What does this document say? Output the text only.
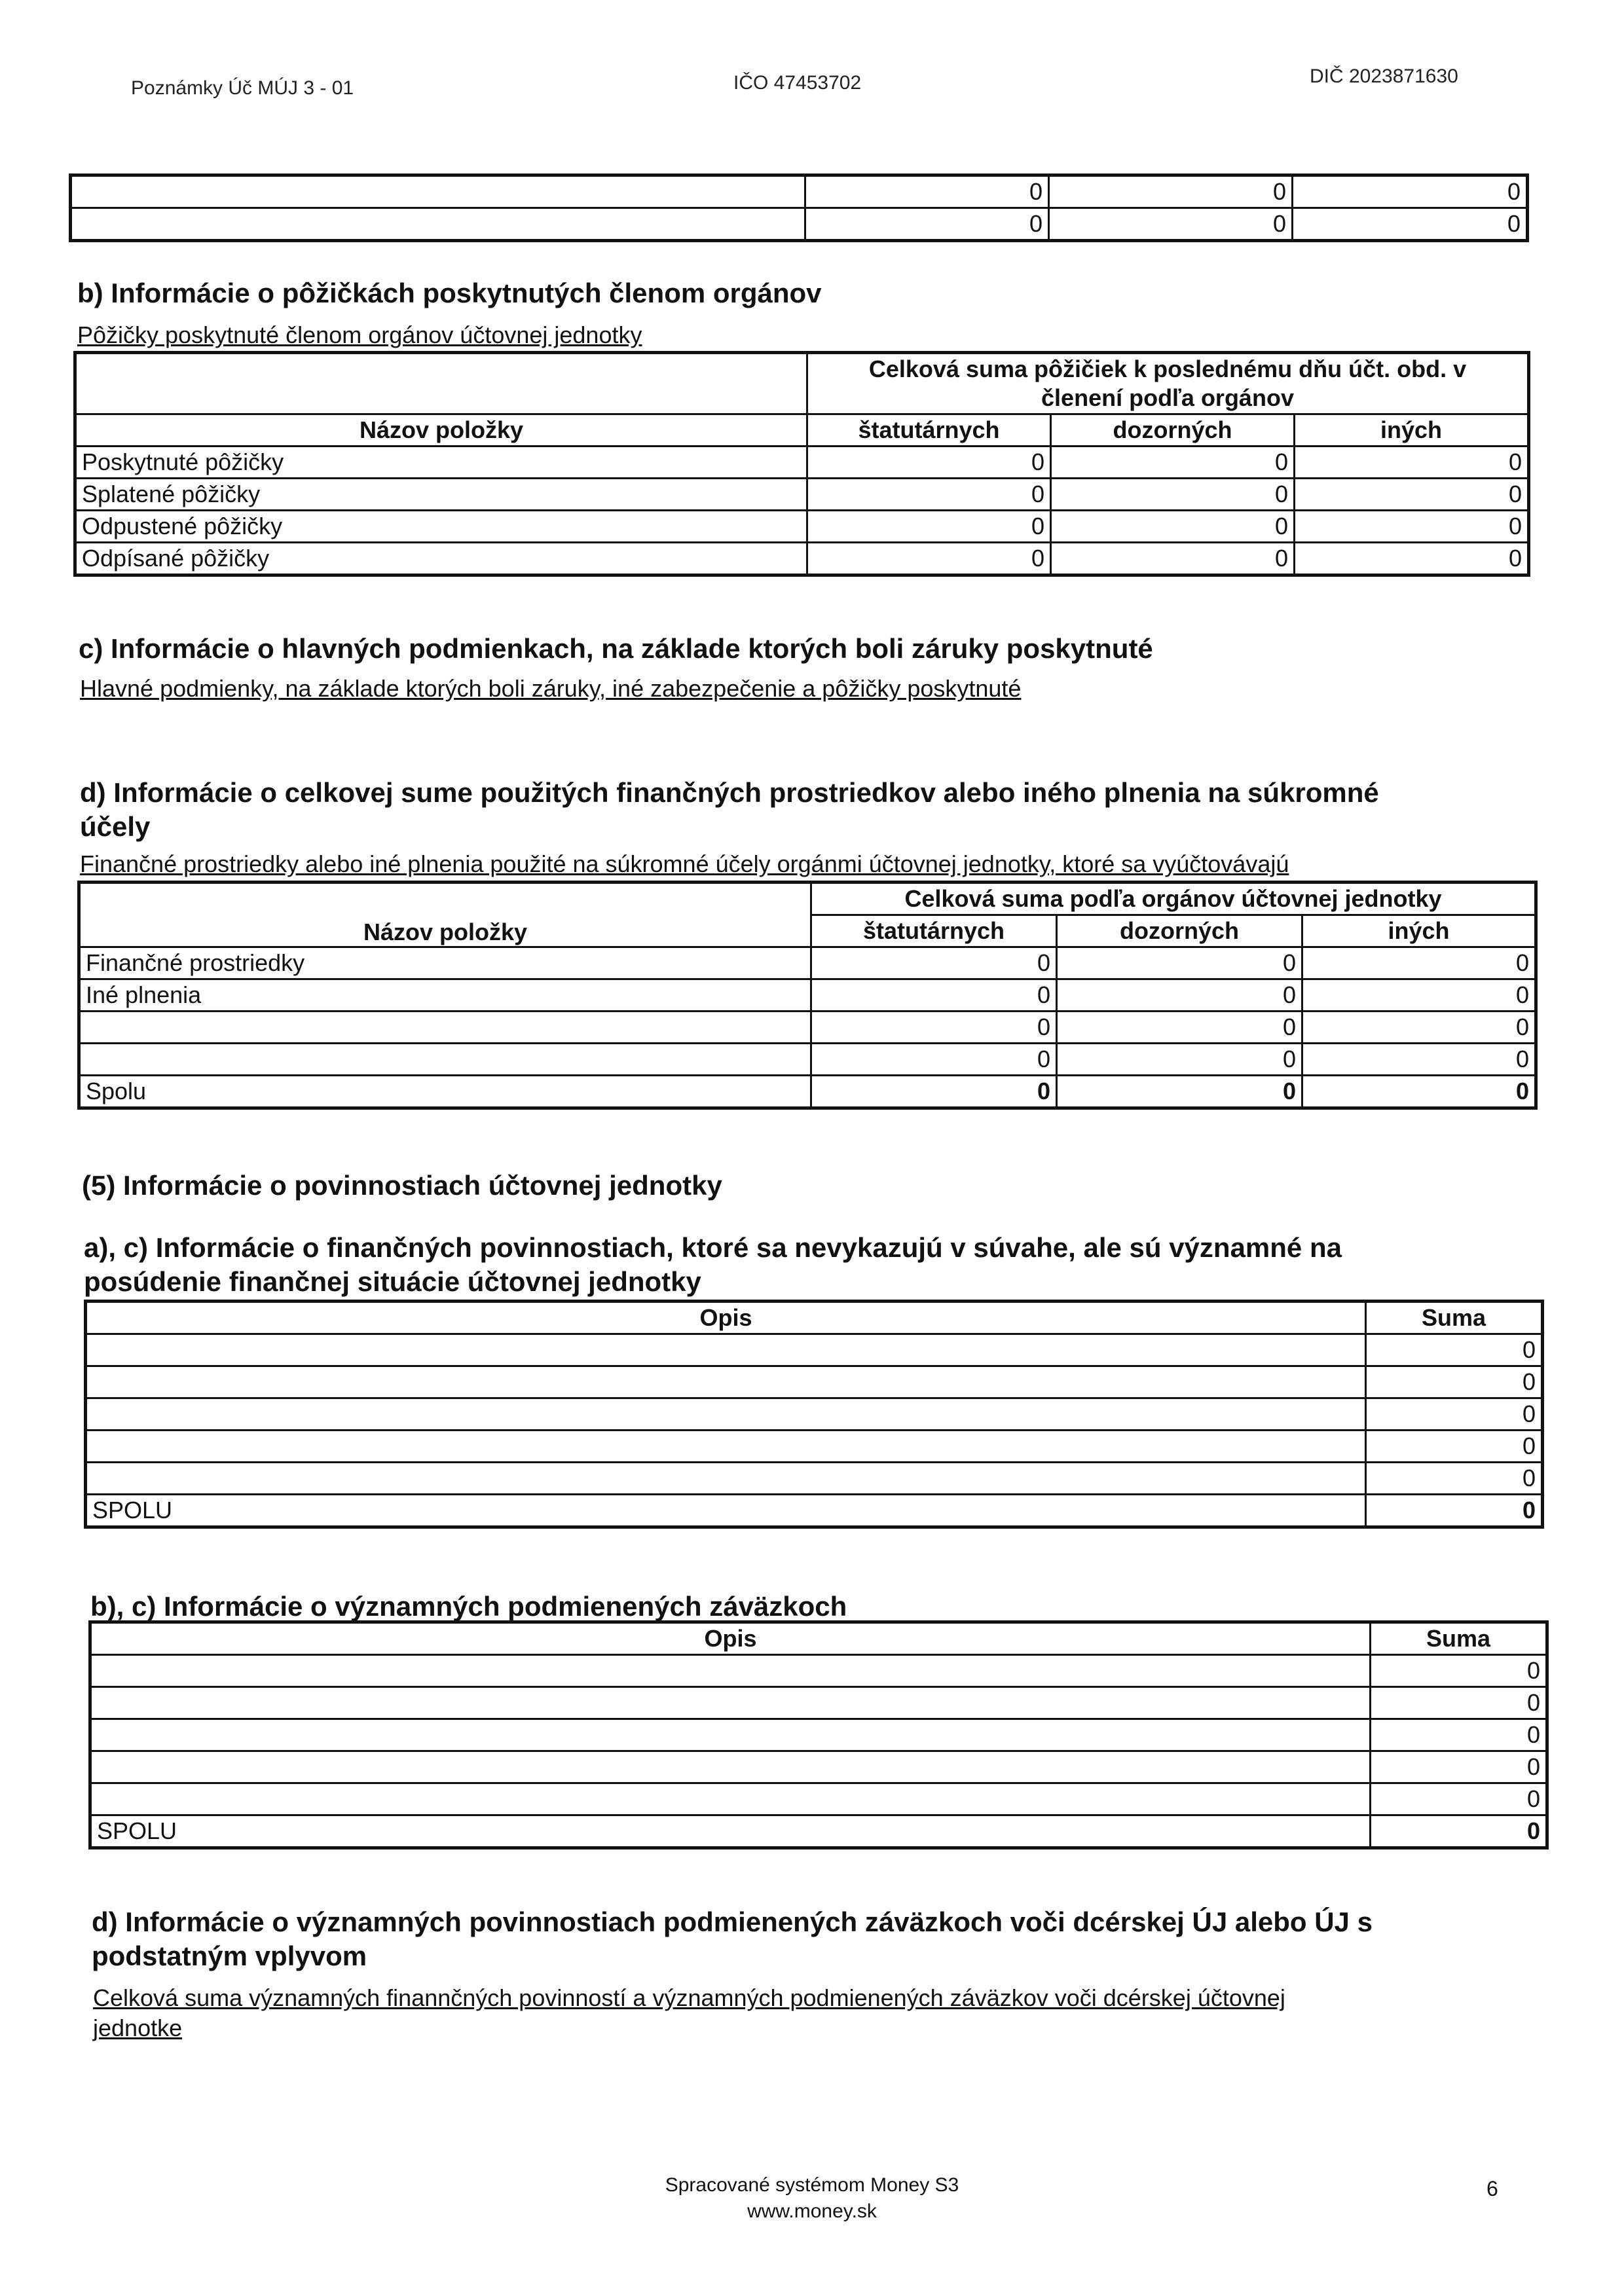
Poznámky Úč MÚJ 3 - 01	IČO 47453702	DIČ 2023871630
	0	0	0
	0	0	0
b) Informácie o pôžičkách poskytnutých členom orgánov
Pôžičky poskytnuté členom orgánov účtovnej jednotky
	Celková suma pôžičiek k poslednému dňu účt. obd. v
členení podľa orgánov		

Názov položky	štatutárnych	dozorných	iných
Poskytnuté pôžičky	0	0	0
Splatené pôžičky	0	0	0
Odpustené pôžičky	0	0	0
Odpísané pôžičky	0	0	0
c) Informácie o hlavných podmienkach, na základe ktorých boli záruky poskytnuté
Hlavné podmienky, na základe ktorých boli záruky, iné zabezpečenie a pôžičky poskytnuté
d) Informácie o celkovej sume použitých finančných prostriedkov alebo iného plnenia na súkromné
účely
Finančné prostriedky alebo iné plnenia použité na súkromné účely orgánmi účtovnej jednotky, ktoré sa vyúčtovávajú
Názov položky	Celková suma podľa orgánov účtovnej jednotky		
	štatutárnych	dozorných	iných
Finančné prostriedky	0	0	0
Iné plnenia	0	0	0
	0	0	0
	0	0	0
Spolu	0	0	0
(5) Informácie o povinnostiach účtovnej jednotky
a), c) Informácie o finančných povinnostiach, ktoré sa nevykazujú v súvahe, ale sú významné na
posúdenie finančnej situácie účtovnej jednotky
Opis	Suma
	0
	0
	0
	0
	0
SPOLU	0
b), c) Informácie o významných podmienených záväzkoch
Opis	Suma
	0
	0
	0
	0
	0
SPOLU	0
d) Informácie o významných povinnostiach podmienených záväzkoch voči dcérskej ÚJ alebo ÚJ s
podstatným vplyvom
Celková suma významných finannčných povinností a významných podmienených záväzkov voči dcérskej účtovnej
jednotke
Spracované systémom Money S3
www.money.sk
6
